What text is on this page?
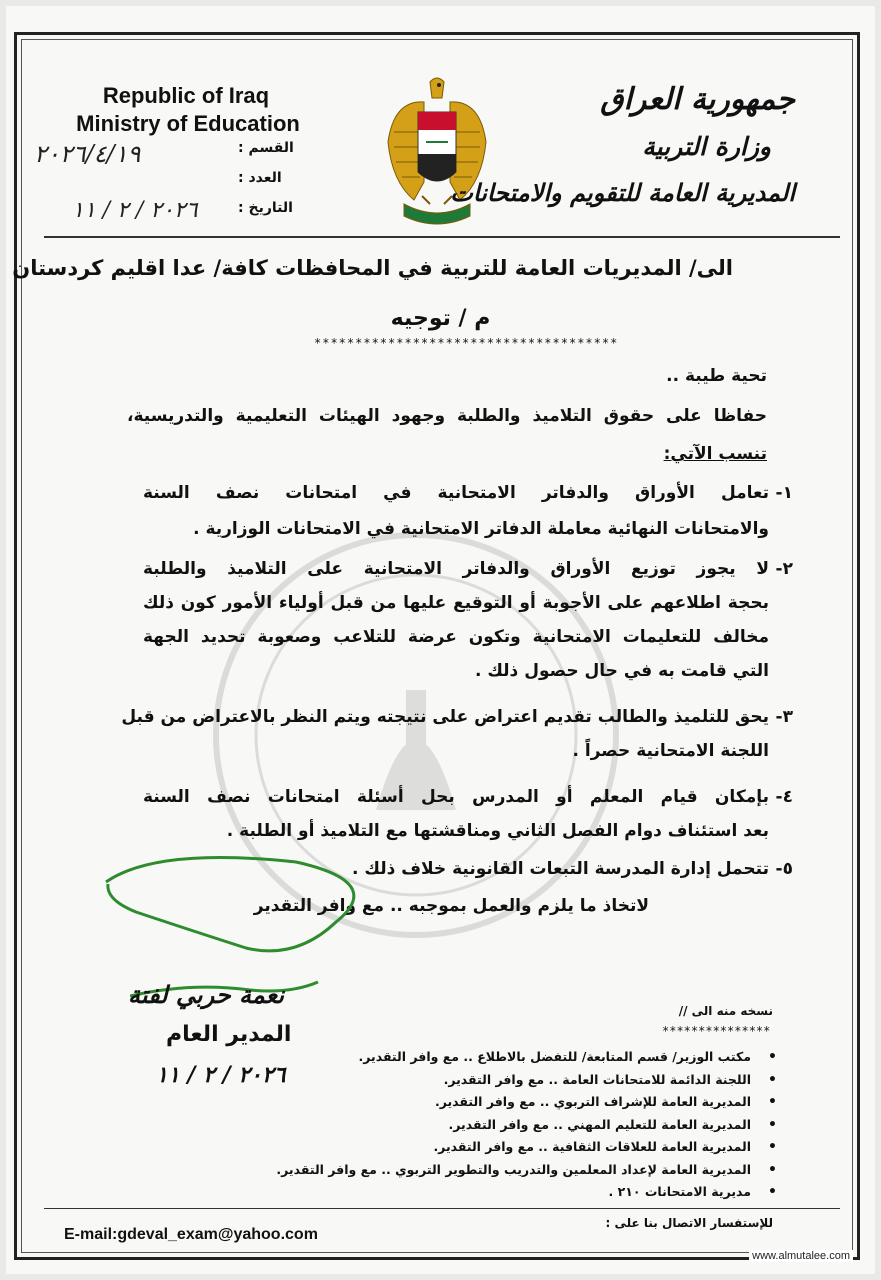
Republic of Iraq
Ministry of Education
القسم :
العدد :
التاريخ :
٢٠٢٦/٤/١٩
٢٠٢٦ / ٢ / ١١
جمهورية العراق
وزارة التربية
المديرية العامة للتقويم والامتحانات
الى/ المديريات العامة للتربية في المحافظات كافة/ عدا اقليم كردستان
م / توجيه
*************************************
تحية طيبة ..
حفاظا على حقوق التلاميذ والطلبة وجهود الهيئات التعليمية والتدريسية،
تنسب الآتي:
١-
تعامل الأوراق والدفاتر الامتحانية في امتحانات نصف السنة
والامتحانات النهائية معاملة الدفاتر الامتحانية في الامتحانات الوزارية .
٢-
لا يجوز توزيع الأوراق والدفاتر الامتحانية على التلاميذ والطلبة
بحجة اطلاعهم على الأجوبة أو التوقيع عليها من قبل أولياء الأمور كون ذلك
مخالف للتعليمات الامتحانية وتكون عرضة للتلاعب وصعوبة تحديد الجهة
التي قامت به في حال حصول ذلك .
٣-
يحق للتلميذ والطالب تقديم اعتراض على نتيجته ويتم النظر بالاعتراض من قبل
اللجنة الامتحانية حصراً .
٤-
بإمكان قيام المعلم أو المدرس بحل أسئلة امتحانات نصف السنة
بعد استئناف دوام الفصل الثاني ومناقشتها مع التلاميذ أو الطلبة .
٥-
تتحمل إدارة المدرسة التبعات القانونية خلاف ذلك .
لاتخاذ ما يلزم والعمل بموجبه .. مع وافر التقدير
نعمة حربي لفتة
المدير العام
٢٠٢٦ / ٢ / ١١
نسخه منه الى //
***************
• مكتب الوزير/ قسم المتابعة/ للتفضل بالاطلاع .. مع وافر التقدير.
• اللجنة الدائمة للامتحانات العامة .. مع وافر التقدير.
• المديرية العامة للإشراف التربوي .. مع وافر التقدير.
• المديرية العامة للتعليم المهني .. مع وافر التقدير.
• المديرية العامة للعلاقات الثقافية .. مع وافر التقدير.
• المديرية العامة لإعداد المعلمين والتدريب والتطوير التربوي .. مع وافر التقدير.
• مديرية الامتحانات ٢١٠ .
E-mail:gdeval_exam@yahoo.com
للإستفسار الاتصال بنا على :
www.almutalee.com
